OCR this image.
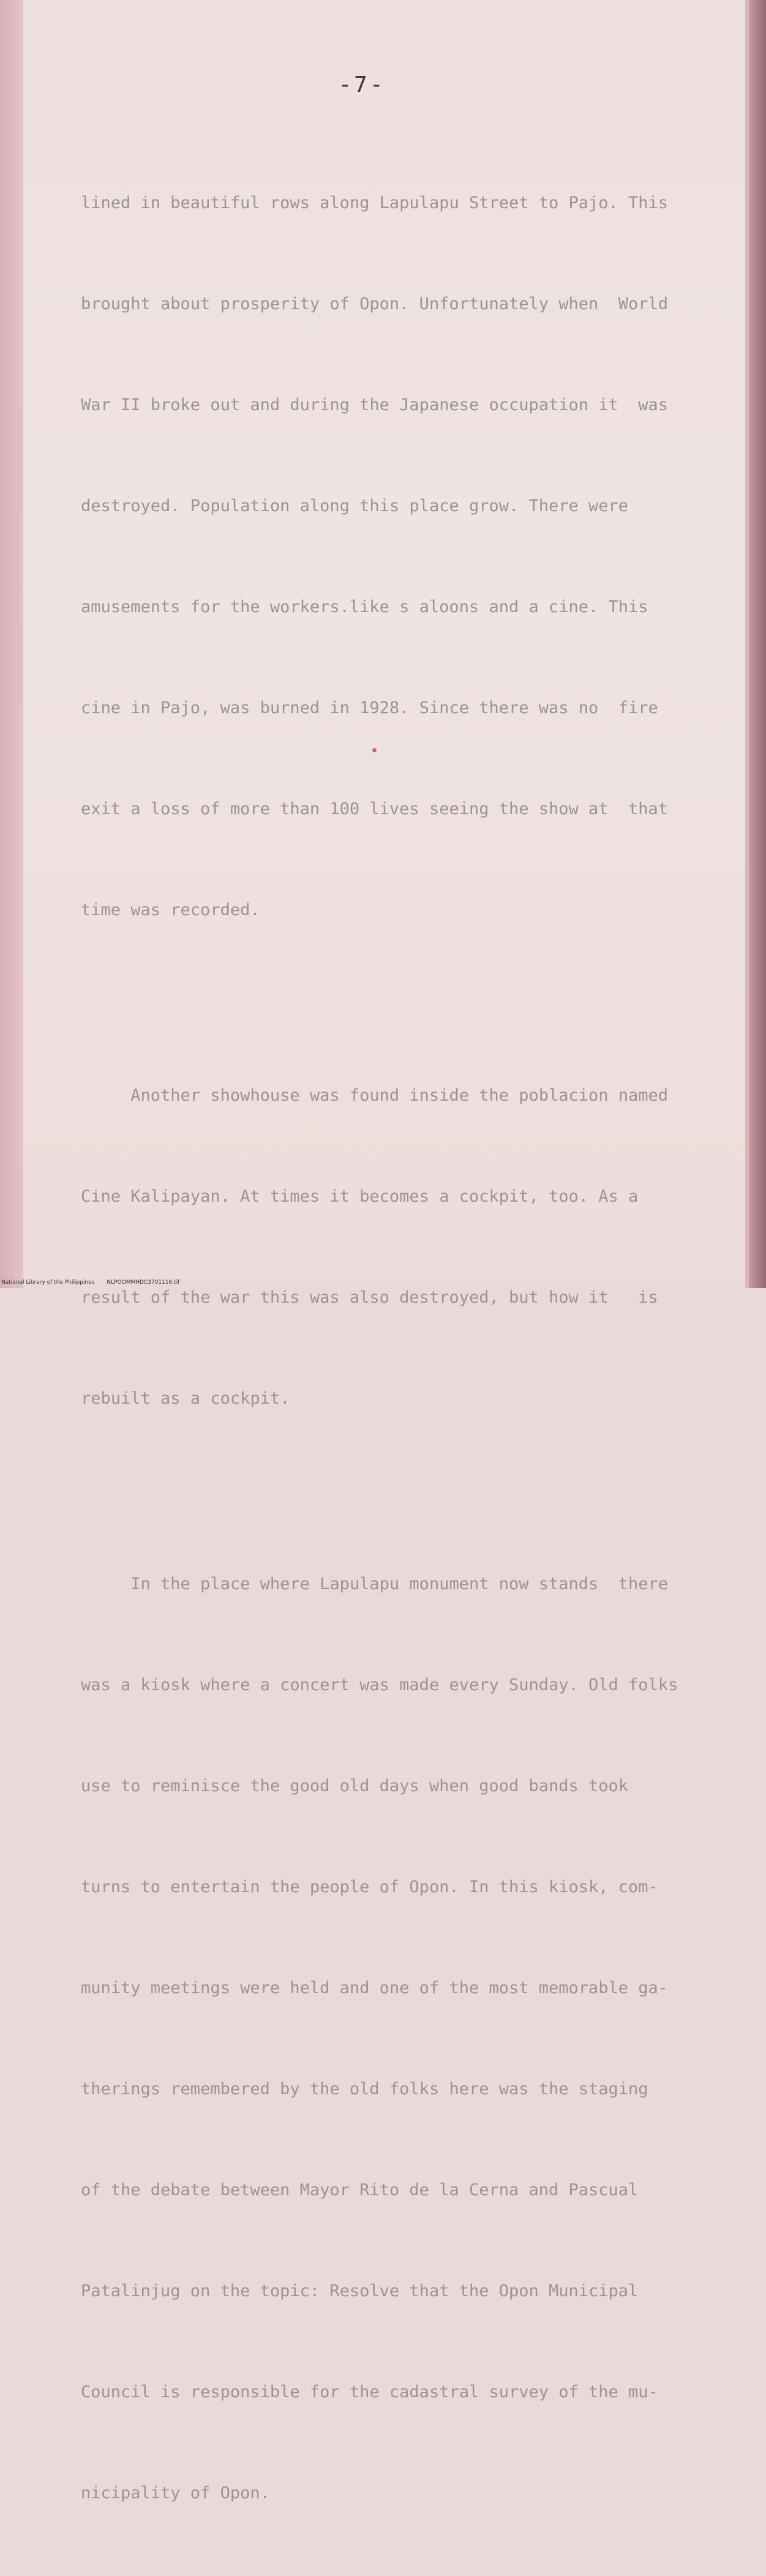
-7-

lined in beautiful rows along Lapulapu Street to Pajo. This

brought about prosperity of Opon. Unfortunately when  World

War II broke out and during the Japanese occupation it  was

destroyed. Population along this place grow. There were

amusements for the workers.like s aloons and a cine. This

cine in Pajo, was burned in 1928. Since there was no  fire

exit a loss of more than 100 lives seeing the show at  that

time was recorded.

Another showhouse was found inside the poblacion named

Cine Kalipayan. At times it becomes a cockpit, too. As a

result of the war this was also destroyed, but how it   is

rebuilt as a cockpit.

In the place where Lapulapu monument now stands  there

was a kiosk where a concert was made every Sunday. Old folks

use to reminisce the good old days when good bands took

turns to entertain the people of Opon. In this kiosk, com-

munity meetings were held and one of the most memorable ga-

therings remembered by the old folks here was the staging

of the debate between Mayor Rito de la Cerna and Pascual

Patalinjug on the topic: Resolve that the Opon Municipal

Council is responsible for the cadastral survey of the mu-

nicipality of Opon.

National Library of the Philippines NLPOOMMHDC3701116.tif
